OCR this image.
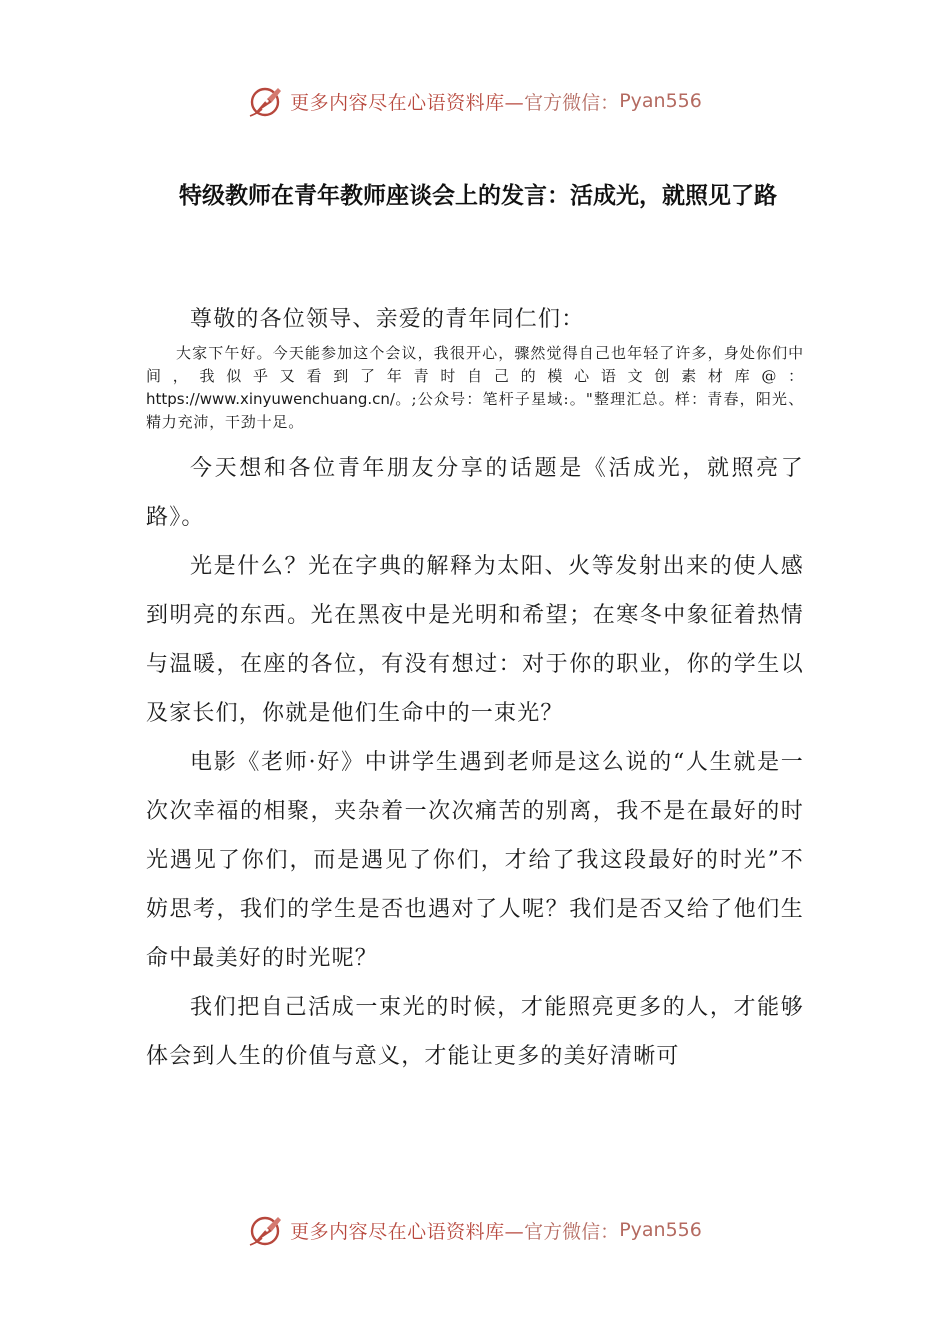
更多内容尽在心语资料库— 官方微信： Pyan556
特级教师在青年教师座谈会上的发言：活成光，就照见了路

尊敬的各位领导、亲爱的青年同仁们：

大家下午好。今天能参加这个会议，我很开心，骤然觉得自己也年轻了许多，身处你们中间，我似乎又看到了年青时自己的模心语文创素材库@：https://www.xinyuwenchuang.cn/。;公众号：笔杆子星域:。"整理汇总。样：青春，阳光、精力充沛，干劲十足。

今天想和各位青年朋友分享的话题是《活成光，就照亮了路》。

光是什么？光在字典的解释为太阳、火等发射出来的使人感到明亮的东西。光在黑夜中是光明和希望；在寒冬中象征着热情与温暖，在座的各位，有没有想过：对于你的职业，你的学生以及家长们，你就是他们生命中的一束光？

电影《老师·好》中讲学生遇到老师是这么说的“人生就是一次次幸福的相聚，夹杂着一次次痛苦的别离，我不是在最好的时光遇见了你们，而是遇见了你们，才给了我这段最好的时光”不妨思考，我们的学生是否也遇对了人呢？我们是否又给了他们生命中最美好的时光呢？

我们把自己活成一束光的时候，才能照亮更多的人，才能够体会到人生的价值与意义，才能让更多的美好清晰可

更多内容尽在心语资料库— 官方微信： Pyan556
